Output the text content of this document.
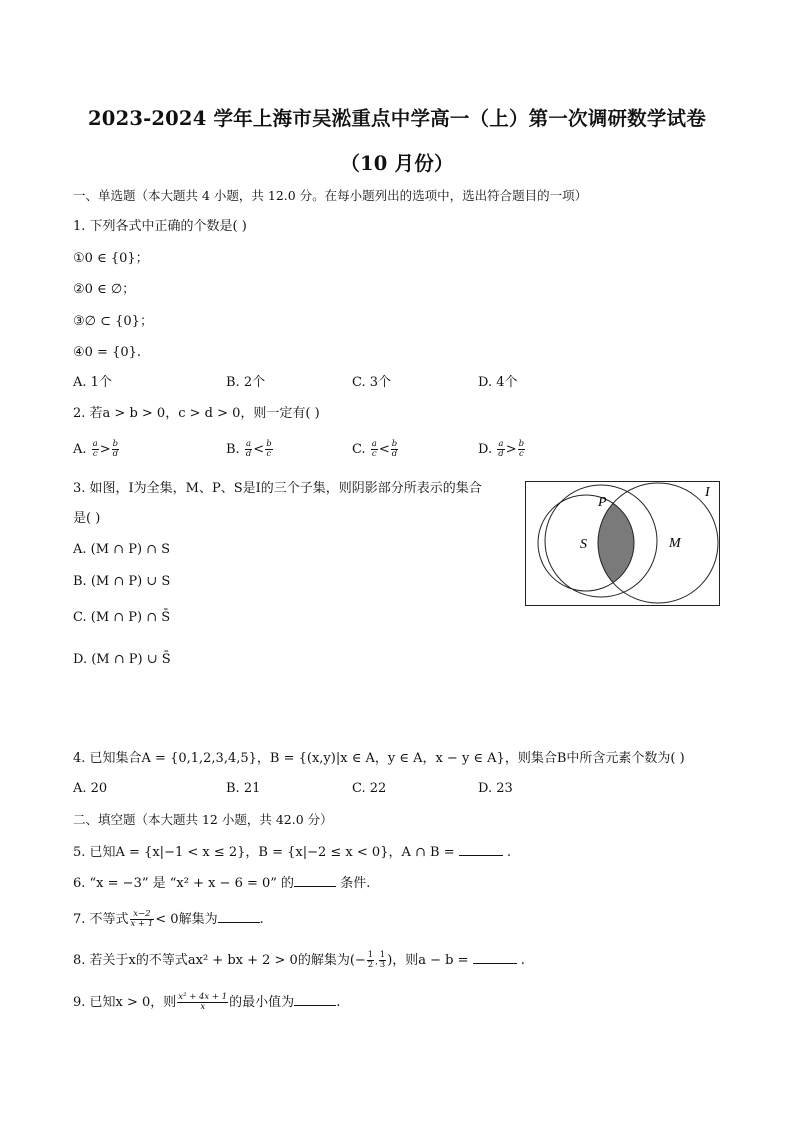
2023-2024 学年上海市吴淞重点中学高一（上）第一次调研数学试卷
（10 月份）
一、单选题（本大题共 4 小题，共 12.0 分。在每小题列出的选项中，选出符合题目的一项）
1. 下列各式中正确的个数是( )
①0 ∈ {0}；
②0 ∈ ∅；
③∅ ⊂ {0}；
④0 = {0}.
A. 1个	B. 2个	C. 3个	D. 4个
2. 若a > b > 0，c > d > 0，则一定有( )
A. $\frac{a}{c} > \frac{b}{d}$	B. $\frac{a}{d} < \frac{b}{c}$	C. $\frac{a}{c} < \frac{b}{d}$	D. $\frac{a}{d} > \frac{b}{c}$
3. 如图，I为全集，M、P、S是I的三个子集，则阴影部分所表示的集合
是( )
A. (M ∩ P) ∩ S
B. (M ∩ P) ∪ S
C. (M ∩ P) ∩ S̄
D. (M ∩ P) ∪ S̄
I
P
S	M
4. 已知集合A = {0,1,2,3,4,5}，B = {(x,y)|x ∈ A，y ∈ A，x − y ∈ A}，则集合B中所含元素个数为( )
A. 20	B. 21	C. 22	D. 23
二、填空题（本大题共 12 小题，共 42.0 分）
5. 已知A = {x|−1 < x ≤ 2}，B = {x|−2 ≤ x < 0}，A ∩ B =	.
6. “x = −3” 是 “x² + x − 6 = 0” 的	条件.
7. 不等式 $\frac{x-2}{x + 1} < 0$解集为	.
8. 若关于x的不等式ax² + bx + 2 > 0的解集为(− $\frac{1}{2}$ , $\frac{1}{3}$ )，则a − b =	.
9. 已知x > 0，则 $\frac{\text{x² + 4x + 1}}{x}$ 的最小值为	.
